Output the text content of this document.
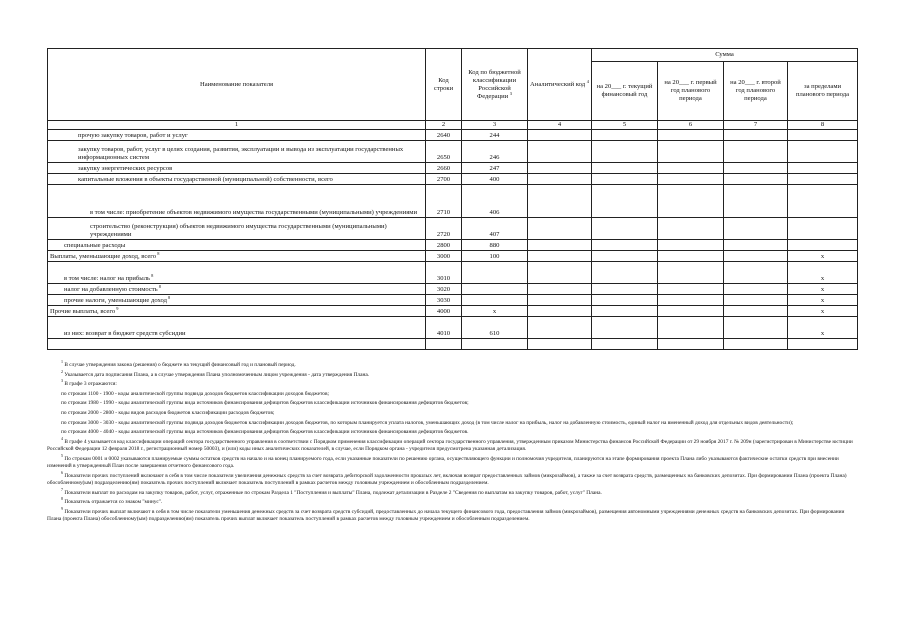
Наименование показателя	Код строки	Код по бюджетной классификации Российской Федерации $^3$	Аналитический код $^4$	Сумма			
				на 20___ г. текущий финансовый год	на 20___ г. первый год планового периода	на 20___ г. второй год планового периода	за пределами планового периода
1	2	3	4	5	6	7	8
прочую закупку товаров, работ и услуг	2640	244					
закупку товаров, работ, услуг в целях создания, развития, эксплуатации и вывода из эксплуатации государственных информационных систем	2650	246					
закупку энергетических ресурсов	2660	247					
капитальные вложения в объекты государственной (муниципальной) собственности, всего	2700	400					
в том числе: приобретение объектов недвижимого имущества государственными (муниципальными) учреждениями	2710	406					
строительство (реконструкция) объектов недвижимого имущества государственными (муниципальными) учреждениями	2720	407					
специальные расходы	2800	880					
Выплаты, уменьшающие доход, всего $^8$	3000	100					x
в том числе: налог на прибыль $^8$	3010						x
налог на добавленную стоимость $^8$	3020						x
прочие налоги, уменьшающие доход $^8$	3030						x
Прочие выплаты, всего $^9$	4000	x					x
из них: возврат в бюджет средств субсидии	4010	610					x

$^1$ В случае утверждения закона (решения) о бюджете на текущий финансовый год и плановый период.

$^2$ Указывается дата подписания Плана, а в случае утверждения Плана уполномоченным лицом учреждения - дата утверждения Плана.

$^3$ В графе 3 отражаются:

по строкам 1100 - 1900 - коды аналитической группы подвида доходов бюджетов классификации доходов бюджетов;

по строкам 1980 - 1990 - коды аналитической группы вида источников финансирования дефицитов бюджетов классификации источников финансирования дефицитов бюджетов;

по строкам 2000 - 2800 - коды видов расходов бюджетов классификации расходов бюджетов;

по строкам 3000 - 3030 - коды аналитической группы подвида доходов бюджетов классификации доходов бюджетов, по которым планируется уплата налогов, уменьшающих доход (в том числе налог на прибыль, налог на добавленную стоимость, единый налог на вмененный доход для отдельных видов деятельности);

по строкам 4000 - 4040 - коды аналитической группы вида источников финансирования дефицитов бюджетов классификации источников финансирования дефицитов бюджетов.

$^4$ В графе 4 указывается код классификации операций сектора государственного управления в соответствии с Порядком применения классификации операций сектора государственного управления, утвержденным приказом Министерства финансов Российской Федерации от 29 ноября 2017 г. № 209н (зарегистрирован в Министерстве юстиции Российской Федерации 12 февраля 2018 г., регистрационный номер 50003), и (или) коды иных аналитических показателей, в случае, если Порядком органа - учредителя предусмотрена указанная детализация.

$^5$ По строкам 0001 и 0002 указываются планируемые суммы остатков средств на начало и на конец планируемого года, если указанные показатели по решению органа, осуществляющего функции и полномочия учредителя, планируются на этапе формирования проекта Плана либо указываются фактические остатки средств при внесении изменений в утвержденный План после завершения отчетного финансового года.

$^6$ Показатели прочих поступлений включают в себя в том числе показатели увеличения денежных средств за счет возврата дебиторской задолженности прошлых лет, включая возврат предоставленных займов (микрозаймов), а также за счет возврата средств, размещенных на банковских депозитах. При формировании Плана (проекта Плана) обособленному(ым) подразделению(ям) показатель прочих поступлений включает показатель поступлений в рамках расчетов между головным учреждением и обособленным подразделением.

$^7$ Показатели выплат по расходам на закупку товаров, работ, услуг, отраженные по строкам Раздела 1 "Поступления и выплаты" Плана, подлежат детализации в Разделе 2 "Сведения по выплатам на закупку товаров, работ, услуг" Плана.

$^8$ Показатель отражается со знаком "минус".

$^9$ Показатели прочих выплат включают в себя в том числе показатели уменьшения денежных средств за счет возврата средств субсидий, предоставленных до начала текущего финансового года, предоставления займов (микрозаймов), размещения автономными учреждениями денежных средств на банковских депозитах. При формировании Плана (проекта Плана) обособленному(ым) подразделению(ям) показатель прочих выплат включает показатель поступлений в рамках расчетов между головным учреждением и обособленным подразделением.
